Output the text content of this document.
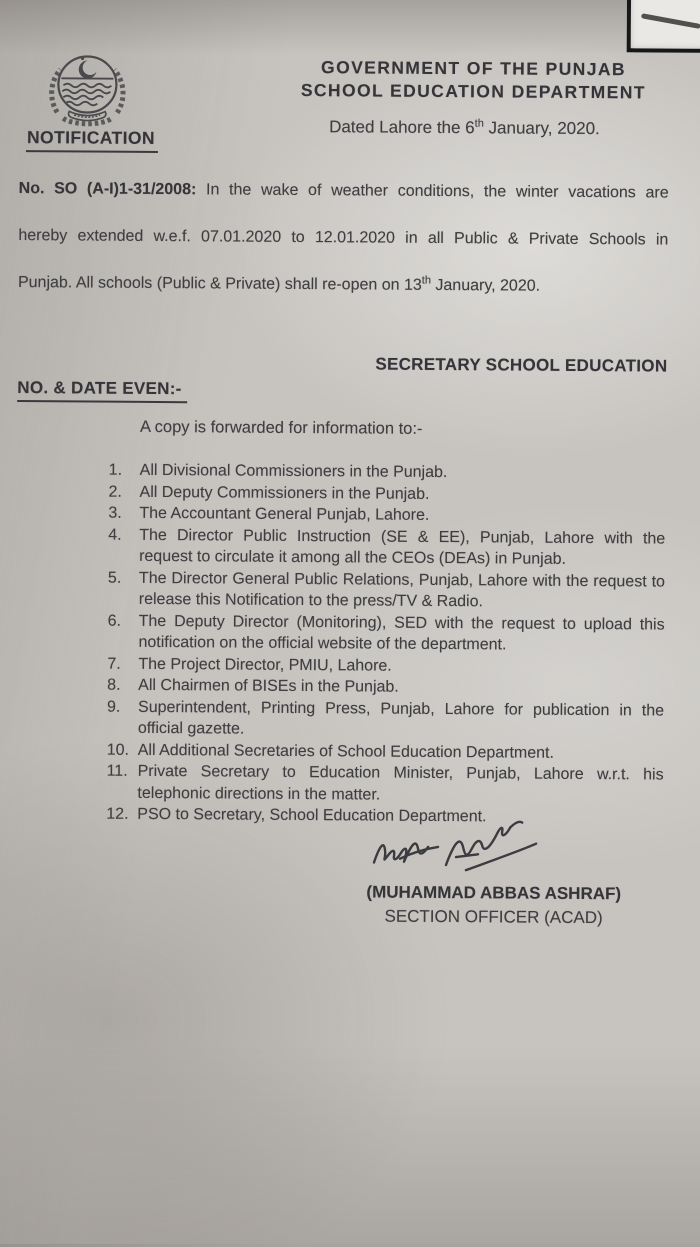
GOVERNMENT OF THE PUNJAB
SCHOOL EDUCATION DEPARTMENT
Dated Lahore the 6th January, 2020.
NOTIFICATION
No. SO (A-I)1-31/2008: In the wake of weather conditions, the winter vacations are
hereby extended w.e.f. 07.01.2020 to 12.01.2020 in all Public & Private Schools in
Punjab. All schools (Public & Private) shall re-open on 13th January, 2020.
SECRETARY SCHOOL EDUCATION
NO. & DATE EVEN:-
A copy is forwarded for information to:-
1.	All Divisional Commissioners in the Punjab.
2.	All Deputy Commissioners in the Punjab.
3.	The Accountant General Punjab, Lahore.
4.	The Director Public Instruction (SE & EE), Punjab, Lahore with the request to circulate it among all the CEOs (DEAs) in Punjab.
5.	The Director General Public Relations, Punjab, Lahore with the request to release this Notification to the press/TV & Radio.
6.	The Deputy Director (Monitoring), SED with the request to upload this notification on the official website of the department.
7.	The Project Director, PMIU, Lahore.
8.	All Chairmen of BISEs in the Punjab.
9.	Superintendent, Printing Press, Punjab, Lahore for publication in the official gazette.
10. All Additional Secretaries of School Education Department.
11. Private Secretary to Education Minister, Punjab, Lahore w.r.t. his telephonic directions in the matter.
12. PSO to Secretary, School Education Department.
(MUHAMMAD ABBAS ASHRAF)
SECTION OFFICER (ACAD)
